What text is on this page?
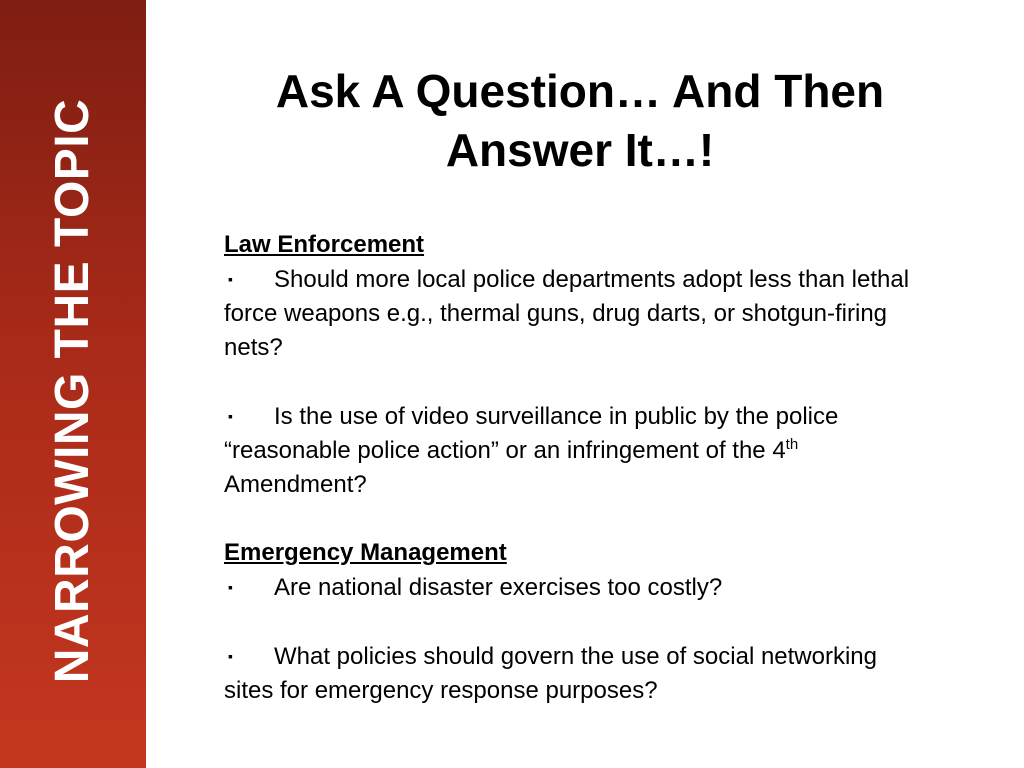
NARROWING THE TOPIC
Ask A Question… And Then
Answer It…!

Law Enforcement

▪ Should more local police departments adopt less than lethal force weapons e.g., thermal guns, drug darts, or shotgun-firing nets?

▪ Is the use of video surveillance in public by the police “reasonable police action” or an infringement of the 4th Amendment?

Emergency Management

▪ Are national disaster exercises too costly?

▪ What policies should govern the use of social networking sites for emergency response purposes?
